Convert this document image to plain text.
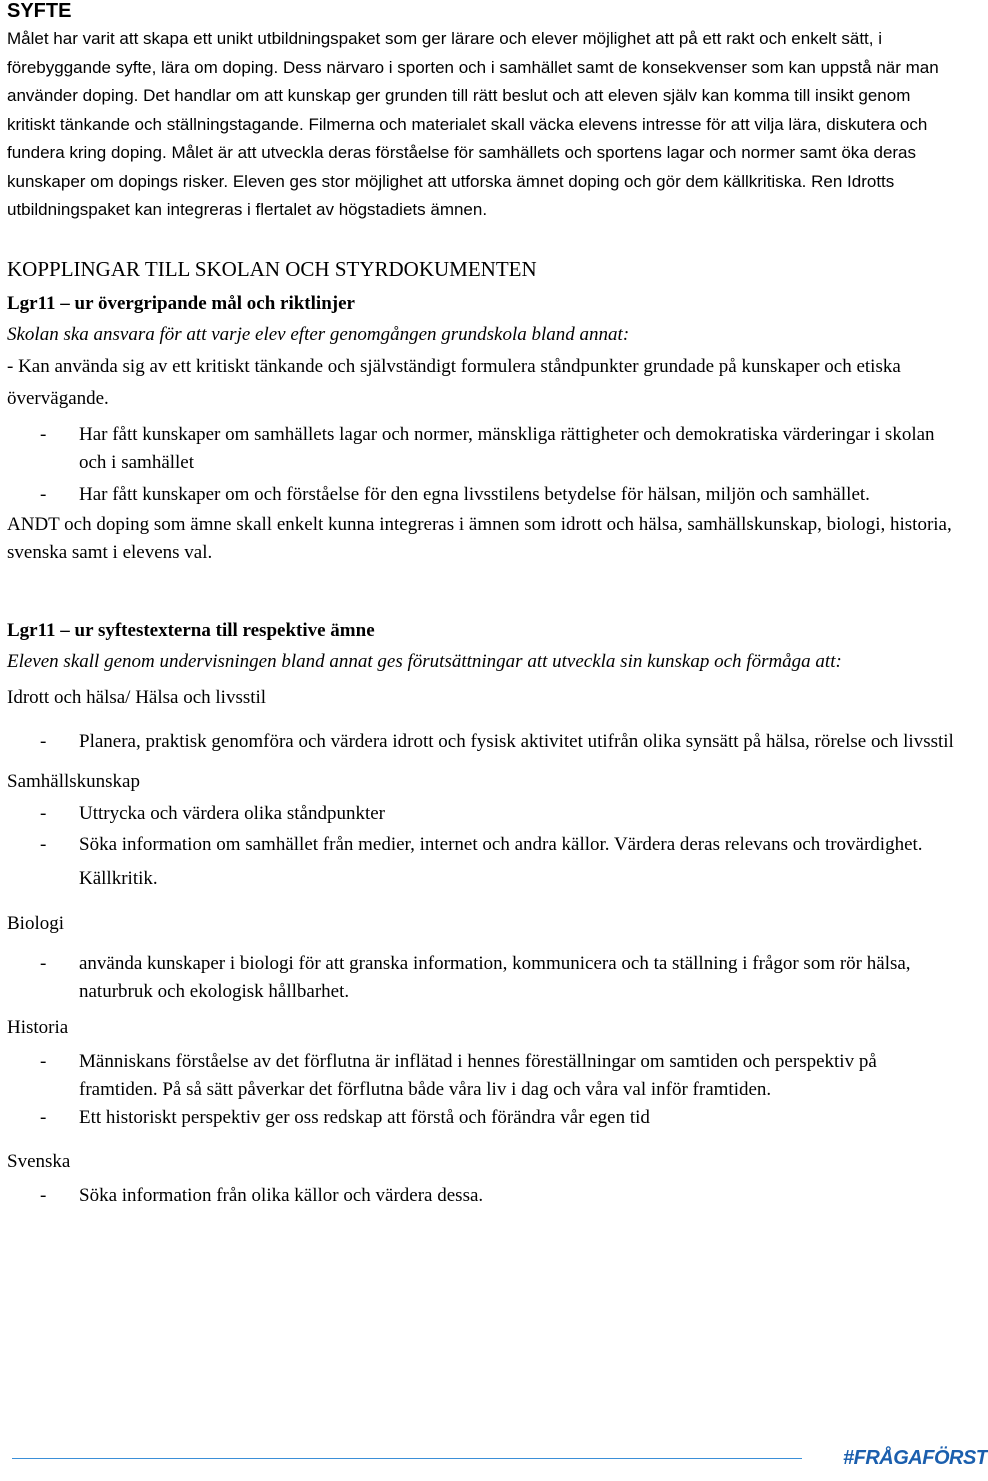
SYFTE

Målet har varit att skapa ett unikt utbildningspaket som ger lärare och elever möjlighet att på ett rakt och enkelt sätt, i förebyggande syfte, lära om doping. Dess närvaro i sporten och i samhället samt de konsekvenser som kan uppstå när man använder doping. Det handlar om att kunskap ger grunden till rätt beslut och att eleven själv kan komma till insikt genom kritiskt tänkande och ställningstagande. Filmerna och materialet skall väcka elevens intresse för att vilja lära, diskutera och fundera kring doping. Målet är att utveckla deras förståelse för samhällets och sportens lagar och normer samt öka deras kunskaper om dopings risker. Eleven ges stor möjlighet att utforska ämnet doping och gör dem källkritiska. Ren Idrotts utbildningspaket kan integreras i flertalet av högstadiets ämnen.

KOPPLINGAR TILL SKOLAN OCH STYRDOKUMENTEN
Lgr11 – ur övergripande mål och riktlinjer
Skolan ska ansvara för att varje elev efter genomgången grundskola bland annat:

- Kan använda sig av ett kritiskt tänkande och självständigt formulera ståndpunkter grundade på kunskaper och etiska övervägande.

- Har fått kunskaper om samhällets lagar och normer, mänskliga rättigheter och demokratiska värderingar i skolan och i samhället
- Har fått kunskaper om och förståelse för den egna livsstilens betydelse för hälsan, miljön och samhället.

ANDT och doping som ämne skall enkelt kunna integreras i ämnen som idrott och hälsa, samhällskunskap, biologi, historia, svenska samt i elevens val.

Lgr11 – ur syftestexterna till respektive ämne
Eleven skall genom undervisningen bland annat ges förutsättningar att utveckla sin kunskap och förmåga att:
Idrott och hälsa/ Hälsa och livsstil
- Planera, praktisk genomföra och värdera idrott och fysisk aktivitet utifrån olika synsätt på hälsa, rörelse och livsstil
Samhällskunskap
- Uttrycka och värdera olika ståndpunkter
- Söka information om samhället från medier, internet och andra källor. Värdera deras relevans och trovärdighet. Källkritik.
Biologi
- använda kunskaper i biologi för att granska information, kommunicera och ta ställning i frågor som rör hälsa, naturbruk och ekologisk hållbarhet.
Historia
- Människans förståelse av det förflutna är inflätad i hennes föreställningar om samtiden och perspektiv på framtiden. På så sätt påverkar det förflutna både våra liv i dag och våra val inför framtiden.
- Ett historiskt perspektiv ger oss redskap att förstå och förändra vår egen tid
Svenska
- Söka information från olika källor och värdera dessa.
#FRÅGAFÖRST
